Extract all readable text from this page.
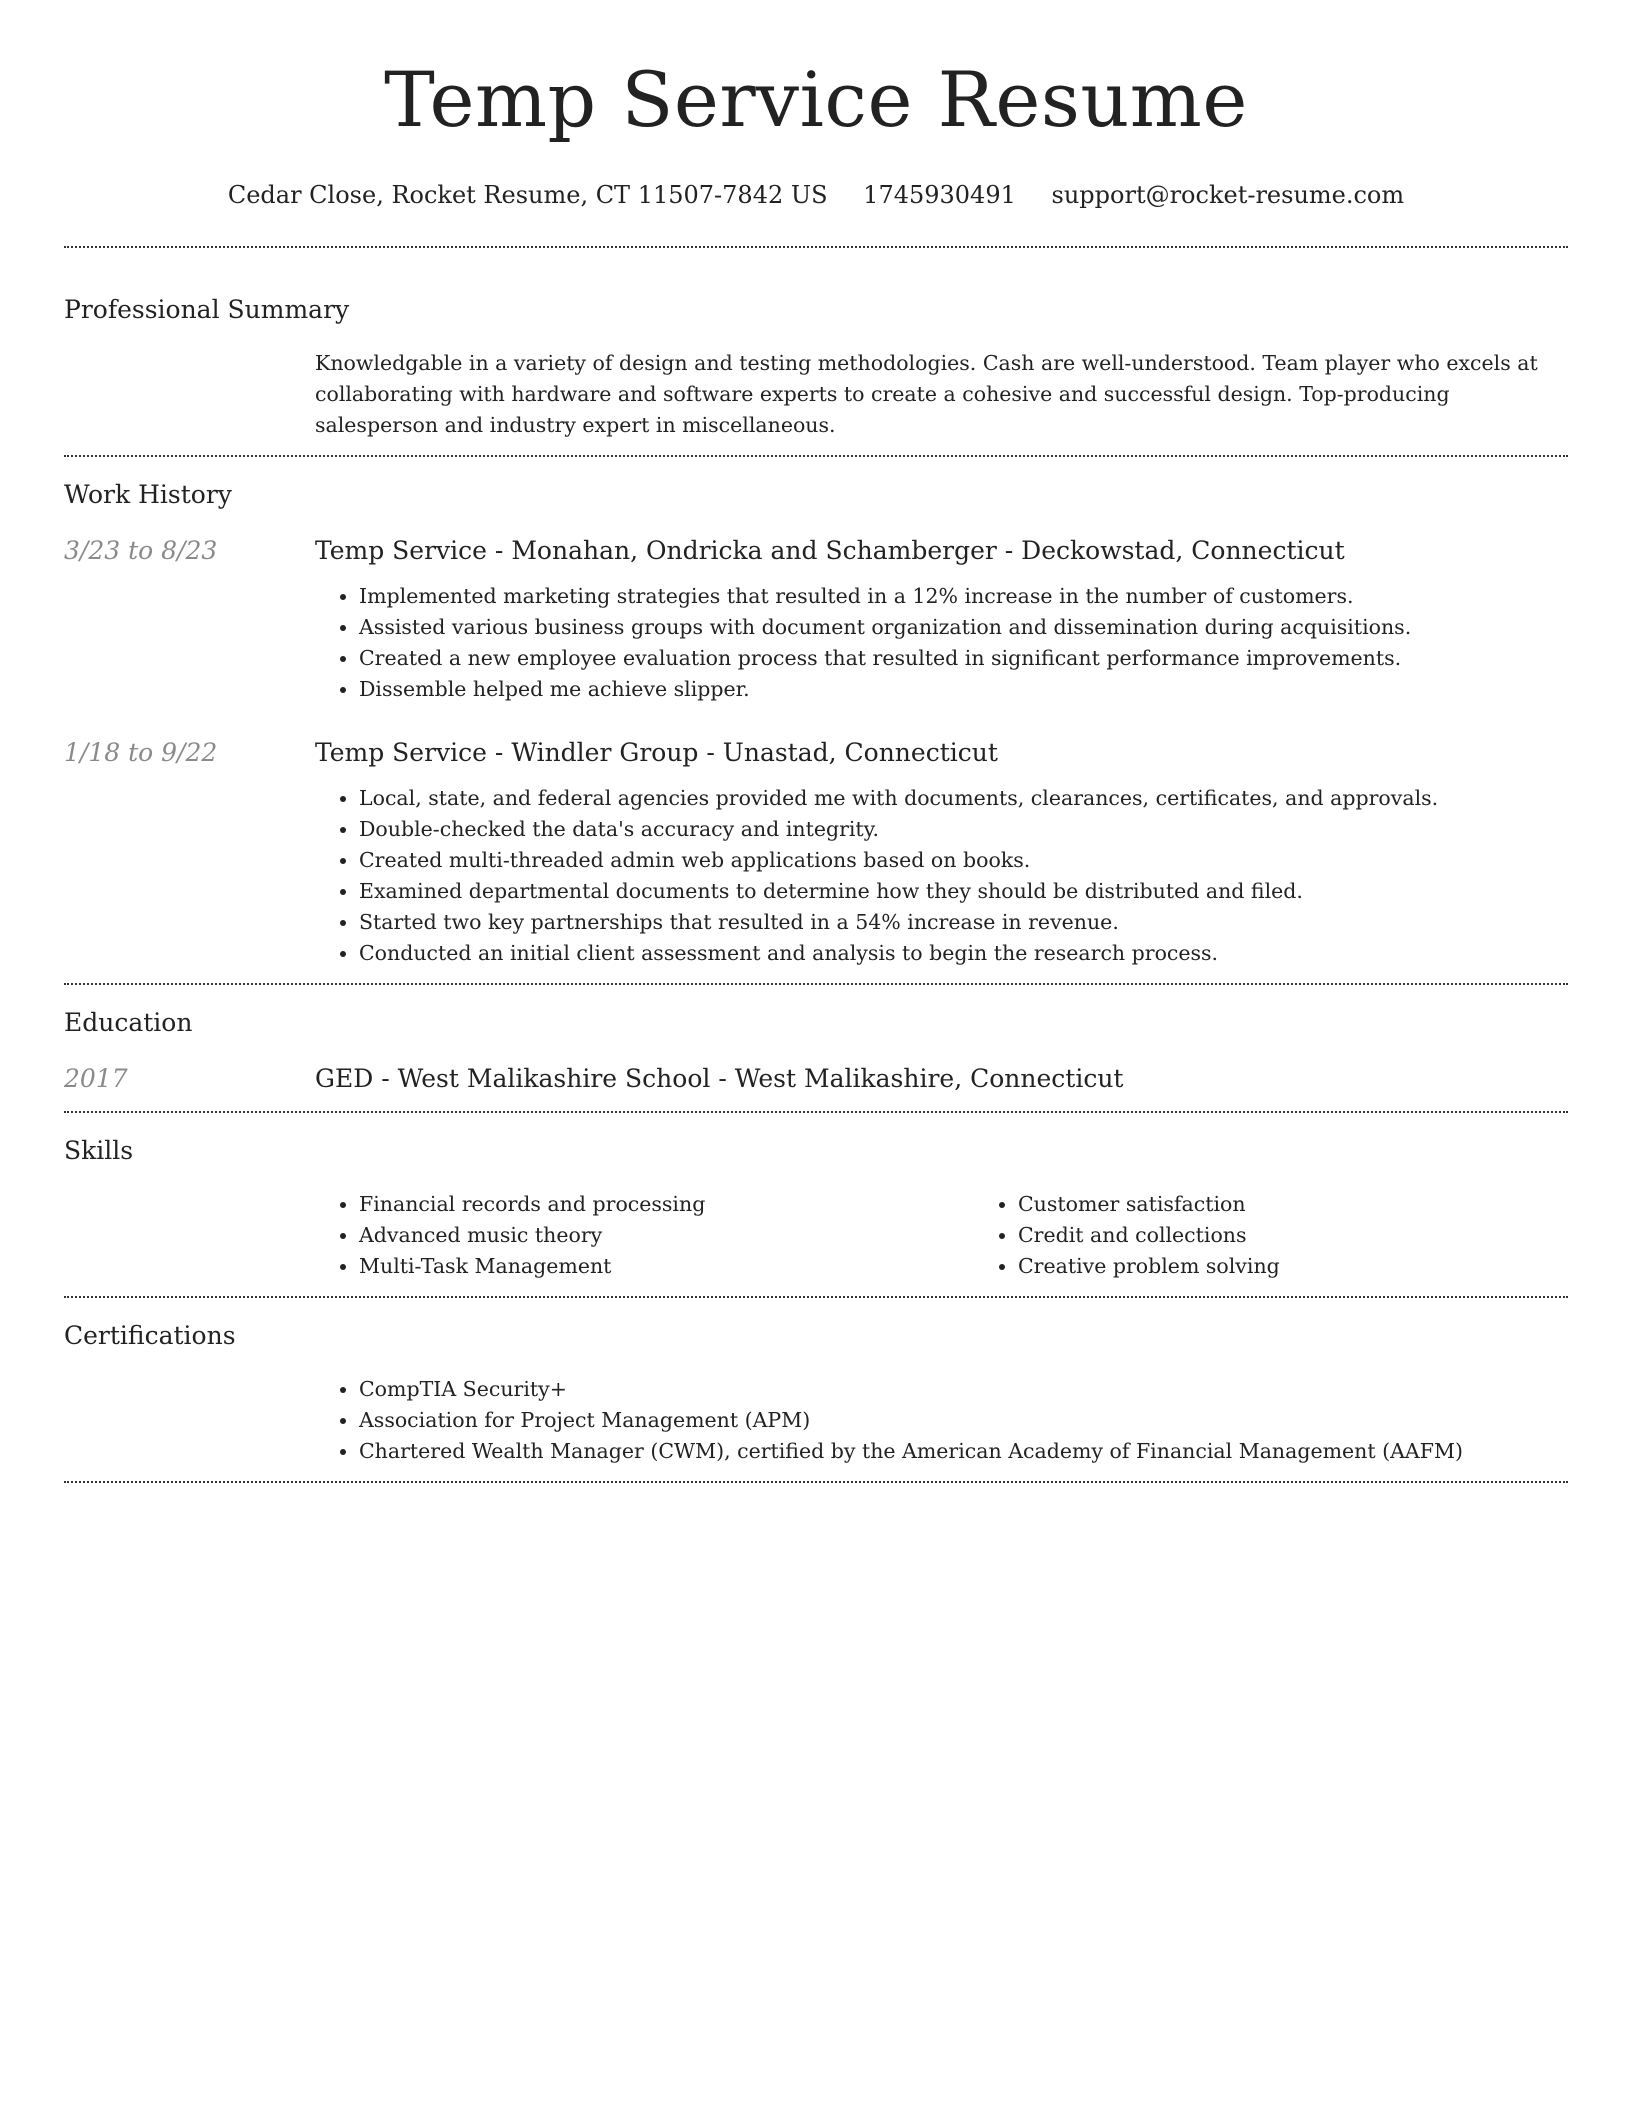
Temp Service Resume
Cedar Close, Rocket Resume, CT 11507-7842 US 1745930491 support@rocket-resume.com
Professional Summary

Knowledgable in a variety of design and testing methodologies. Cash are well-understood. Team player who excels at collaborating with hardware and software experts to create a cohesive and successful design. Top-producing salesperson and industry expert in miscellaneous.

Work History
3/23 to 8/23	Temp Service - Monahan, Ondricka and Schamberger - Deckowstad, Connecticut

• Implemented marketing strategies that resulted in a 12% increase in the number of customers.
• Assisted various business groups with document organization and dissemination during acquisitions.
• Created a new employee evaluation process that resulted in significant performance improvements.
• Dissemble helped me achieve slipper.
1/18 to 9/22	Temp Service - Windler Group - Unastad, Connecticut

• Local, state, and federal agencies provided me with documents, clearances, certificates, and approvals.
• Double-checked the data's accuracy and integrity.
• Created multi-threaded admin web applications based on books.
• Examined departmental documents to determine how they should be distributed and filed.
• Started two key partnerships that resulted in a 54% increase in revenue.
• Conducted an initial client assessment and analysis to begin the research process.
Education
2017	GED - West Malikashire School - West Malikashire, Connecticut

Skills
• Financial records and processing
• Advanced music theory
• Multi-Task Management
• Customer satisfaction
• Credit and collections
• Creative problem solving
Certifications
• CompTIA Security+
• Association for Project Management (APM)
• Chartered Wealth Manager (CWM), certified by the American Academy of Financial Management (AAFM)
